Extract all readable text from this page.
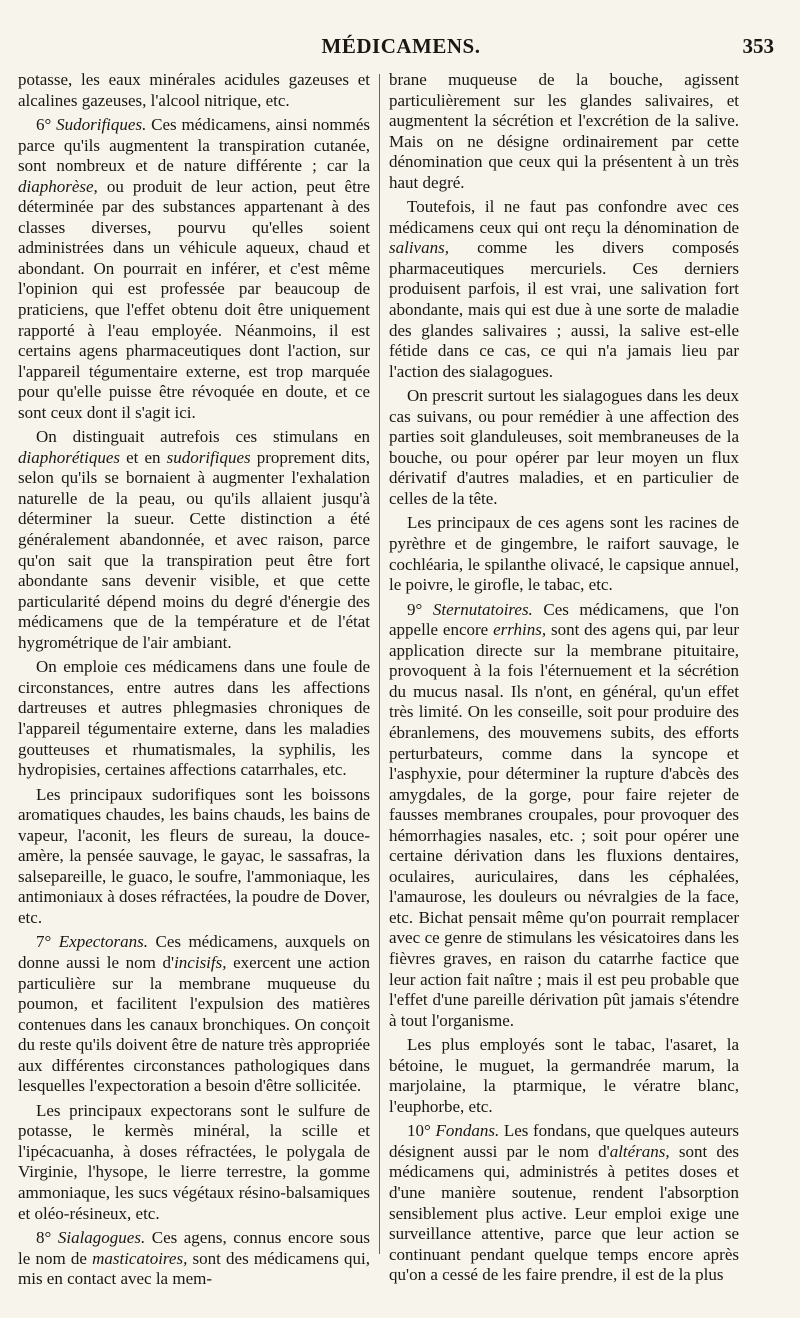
MÉDICAMENS.	353

potasse, les eaux minérales acidules gazeuses et alcalines gazeuses, l'alcool nitrique, etc.

6° Sudorifiques. Ces médicamens, ainsi nommés parce qu'ils augmentent la transpiration cutanée, sont nombreux et de nature différente ; car la diaphorèse, ou produit de leur action, peut être déterminée par des substances appartenant à des classes diverses, pourvu qu'elles soient administrées dans un véhicule aqueux, chaud et abondant. On pourrait en inférer, et c'est même l'opinion qui est professée par beaucoup de praticiens, que l'effet obtenu doit être uniquement rapporté à l'eau employée. Néanmoins, il est certains agens pharmaceutiques dont l'action, sur l'appareil tégumentaire externe, est trop marquée pour qu'elle puisse être révoquée en doute, et ce sont ceux dont il s'agit ici.

On distinguait autrefois ces stimulans en diaphorétiques et en sudorifiques proprement dits, selon qu'ils se bornaient à augmenter l'exhalation naturelle de la peau, ou qu'ils allaient jusqu'à déterminer la sueur. Cette distinction a été généralement abandonnée, et avec raison, parce qu'on sait que la transpiration peut être fort abondante sans devenir visible, et que cette particularité dépend moins du degré d'énergie des médicamens que de la température et de l'état hygrométrique de l'air ambiant.

On emploie ces médicamens dans une foule de circonstances, entre autres dans les affections dartreuses et autres phlegmasies chroniques de l'appareil tégumentaire externe, dans les maladies goutteuses et rhumatismales, la syphilis, les hydropisies, certaines affections catarrhales, etc.

Les principaux sudorifiques sont les boissons aromatiques chaudes, les bains chauds, les bains de vapeur, l'aconit, les fleurs de sureau, la douce-amère, la pensée sauvage, le gayac, le sassafras, la salsepareille, le guaco, le soufre, l'ammoniaque, les antimoniaux à doses réfractées, la poudre de Dover, etc.

7° Expectorans. Ces médicamens, auxquels on donne aussi le nom d'incisifs, exercent une action particulière sur la membrane muqueuse du poumon, et facilitent l'expulsion des matières contenues dans les canaux bronchiques. On conçoit du reste qu'ils doivent être de nature très appropriée aux différentes circonstances pathologiques dans lesquelles l'expectoration a besoin d'être sollicitée.

Les principaux expectorans sont le sulfure de potasse, le kermès minéral, la scille et l'ipécacuanha, à doses réfractées, le polygala de Virginie, l'hysope, le lierre terrestre, la gomme ammoniaque, les sucs végétaux résino-balsamiques et oléo-résineux, etc.

8° Sialagogues. Ces agens, connus encore sous le nom de masticatoires, sont des médicamens qui, mis en contact avec la mem-

brane muqueuse de la bouche, agissent particulièrement sur les glandes salivaires, et augmentent la sécrétion et l'excrétion de la salive. Mais on ne désigne ordinairement par cette dénomination que ceux qui la présentent à un très haut degré.

Toutefois, il ne faut pas confondre avec ces médicamens ceux qui ont reçu la dénomination de salivans, comme les divers composés pharmaceutiques mercuriels. Ces derniers produisent parfois, il est vrai, une salivation fort abondante, mais qui est due à une sorte de maladie des glandes salivaires ; aussi, la salive est-elle fétide dans ce cas, ce qui n'a jamais lieu par l'action des sialagogues.

On prescrit surtout les sialagogues dans les deux cas suivans, ou pour remédier à une affection des parties soit glanduleuses, soit membraneuses de la bouche, ou pour opérer par leur moyen un flux dérivatif d'autres maladies, et en particulier de celles de la tête.

Les principaux de ces agens sont les racines de pyrèthre et de gingembre, le raifort sauvage, le cochléaria, le spilanthe olivacé, le capsique annuel, le poivre, le girofle, le tabac, etc.

9° Sternutatoires. Ces médicamens, que l'on appelle encore errhins, sont des agens qui, par leur application directe sur la membrane pituitaire, provoquent à la fois l'éternuement et la sécrétion du mucus nasal. Ils n'ont, en général, qu'un effet très limité. On les conseille, soit pour produire des ébranlemens, des mouvemens subits, des efforts perturbateurs, comme dans la syncope et l'asphyxie, pour déterminer la rupture d'abcès des amygdales, de la gorge, pour faire rejeter de fausses membranes croupales, pour provoquer des hémorrhagies nasales, etc. ; soit pour opérer une certaine dérivation dans les fluxions dentaires, oculaires, auriculaires, dans les céphalées, l'amaurose, les douleurs ou névralgies de la face, etc. Bichat pensait même qu'on pourrait remplacer avec ce genre de stimulans les vésicatoires dans les fièvres graves, en raison du catarrhe factice que leur action fait naître ; mais il est peu probable que l'effet d'une pareille dérivation pût jamais s'étendre à tout l'organisme.

Les plus employés sont le tabac, l'asaret, la bétoine, le muguet, la germandrée marum, la marjolaine, la ptarmique, le vératre blanc, l'euphorbe, etc.

10° Fondans. Les fondans, que quelques auteurs désignent aussi par le nom d'altérans, sont des médicamens qui, administrés à petites doses et d'une manière soutenue, rendent l'absorption sensiblement plus active. Leur emploi exige une surveillance attentive, parce que leur action se continuant pendant quelque temps encore après qu'on a cessé de les faire prendre, il est de la plus
